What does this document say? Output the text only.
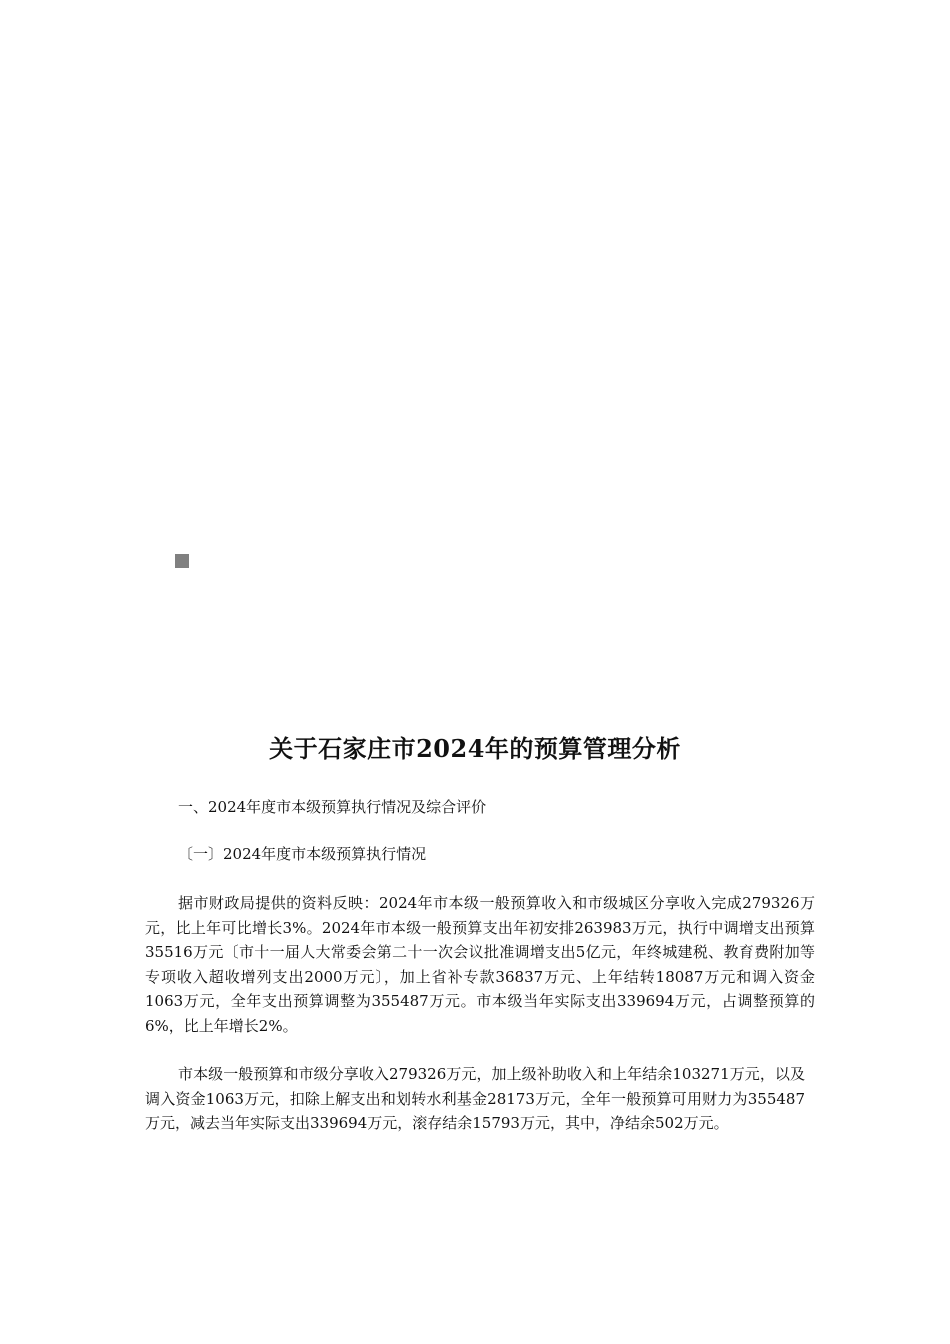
关于石家庄市2024年的预算管理分析

一、2024年度市本级预算执行情况及综合评价

〔一〕2024年度市本级预算执行情况

据市财政局提供的资料反映：2024年市本级一般预算收入和市级城区分享收入完成279326万元，比上年可比增长3%。2024年市本级一般预算支出年初安排263983万元，执行中调增支出预算35516万元〔市十一届人大常委会第二十一次会议批准调增支出5亿元，年终城建税、教育费附加等专项收入超收增列支出2000万元〕，加上省补专款36837万元、上年结转18087万元和调入资金1063万元，全年支出预算调整为355487万元。市本级当年实际支出339694万元，占调整预算的6%，比上年增长2%。

市本级一般预算和市级分享收入279326万元，加上级补助收入和上年结余103271万元，以及调入资金1063万元，扣除上解支出和划转水利基金28173万元，全年一般预算可用财力为355487万元，减去当年实际支出339694万元，滚存结余15793万元，其中，净结余502万元。
